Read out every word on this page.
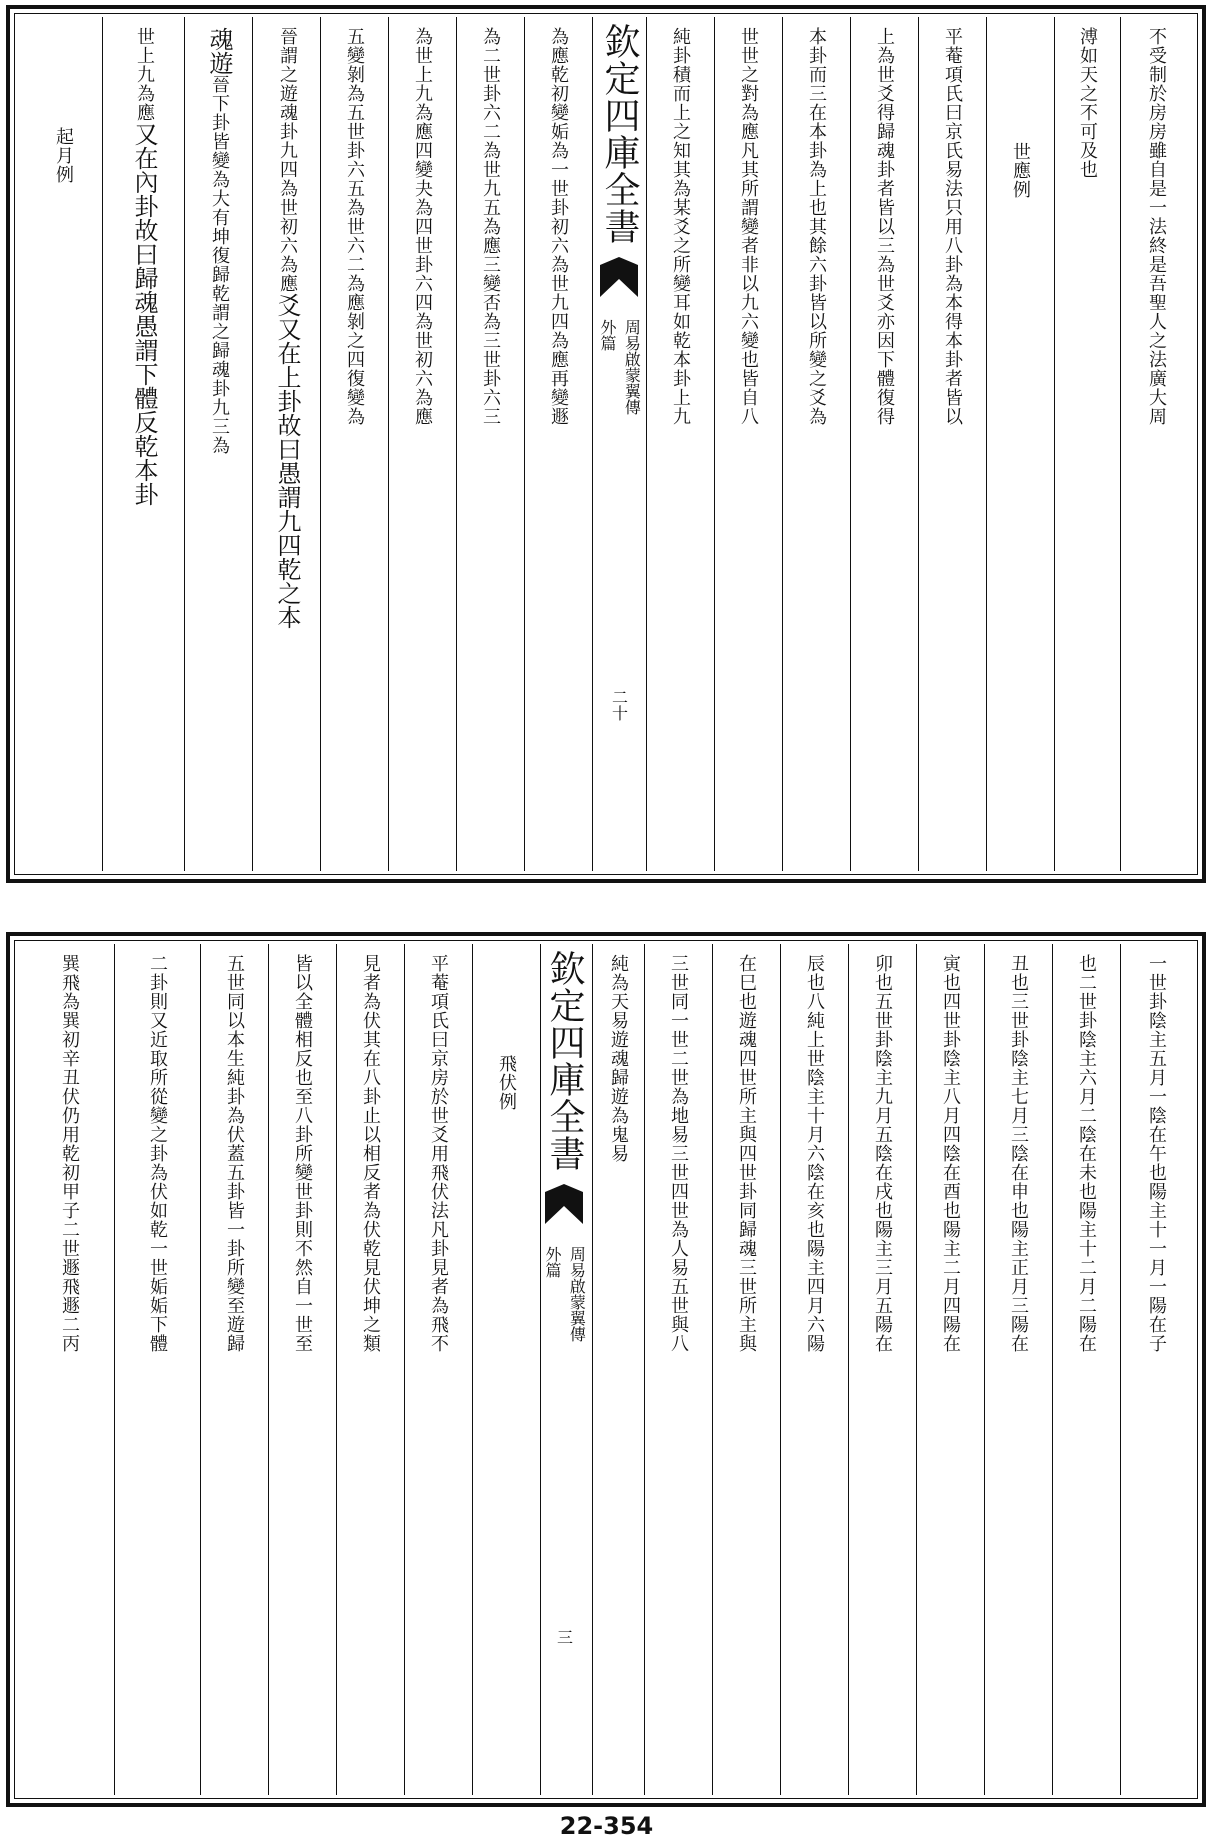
不受制於房房雖自是一法終是吾聖人之法廣大周
溥如天之不可及也
世應例
平菴項氏曰京氏易法只用八卦為本得本卦者皆以
上為世爻得歸魂卦者皆以三為世爻亦因下體復得
本卦而三在本卦為上也其餘六卦皆以所變之爻為
世世之對為應凡其所謂變者非以九六變也皆自八
純卦積而上之知其為某爻之所變耳如乾本卦上九
欽定四庫全書
周易啟蒙翼傳
外篇
二十
為應乾初變姤為一世卦初六為世九四為應再變遯
為二世卦六二為世九五為應三變否為三世卦六三
為世上九為應四變夬為四世卦六四為世初六為應
五變剝為五世卦六五為世六二為應剝之四復變為
晉謂之遊魂卦九四為世初六為應
愚謂九四乾之本
爻又在上卦故曰
遊
魂
晉下卦皆變為大有坤復歸乾謂之歸魂卦九三為
世上九為應
愚謂下體反乾本卦
又在內卦故曰歸魂
起月例
一世卦陰主五月一陰在午也陽主十一月一陽在子
也二世卦陰主六月二陰在未也陽主十二月二陽在
丑也三世卦陰主七月三陰在申也陽主正月三陽在
寅也四世卦陰主八月四陰在酉也陽主二月四陽在
卯也五世卦陰主九月五陰在戌也陽主三月五陽在
辰也八純上世陰主十月六陰在亥也陽主四月六陽
在巳也遊魂四世所主與四世卦同歸魂三世所主與
三世同一世二世為地易三世四世為人易五世與八
純為天易遊魂歸遊為鬼易
欽定四庫全書
周易啟蒙翼傳
外篇
三
飛伏例
平菴項氏曰京房於世爻用飛伏法凡卦見者為飛不
見者為伏其在八卦止以相反者為伏乾見伏坤之類
皆以全體相反也至八卦所變世卦則不然自一世至
五世同以本生純卦為伏蓋五卦皆一卦所變至遊歸
二卦則又近取所從變之卦為伏如乾一世姤姤下體
巽飛為巽初辛丑伏仍用乾初甲子二世遯飛遯二丙
22-354
